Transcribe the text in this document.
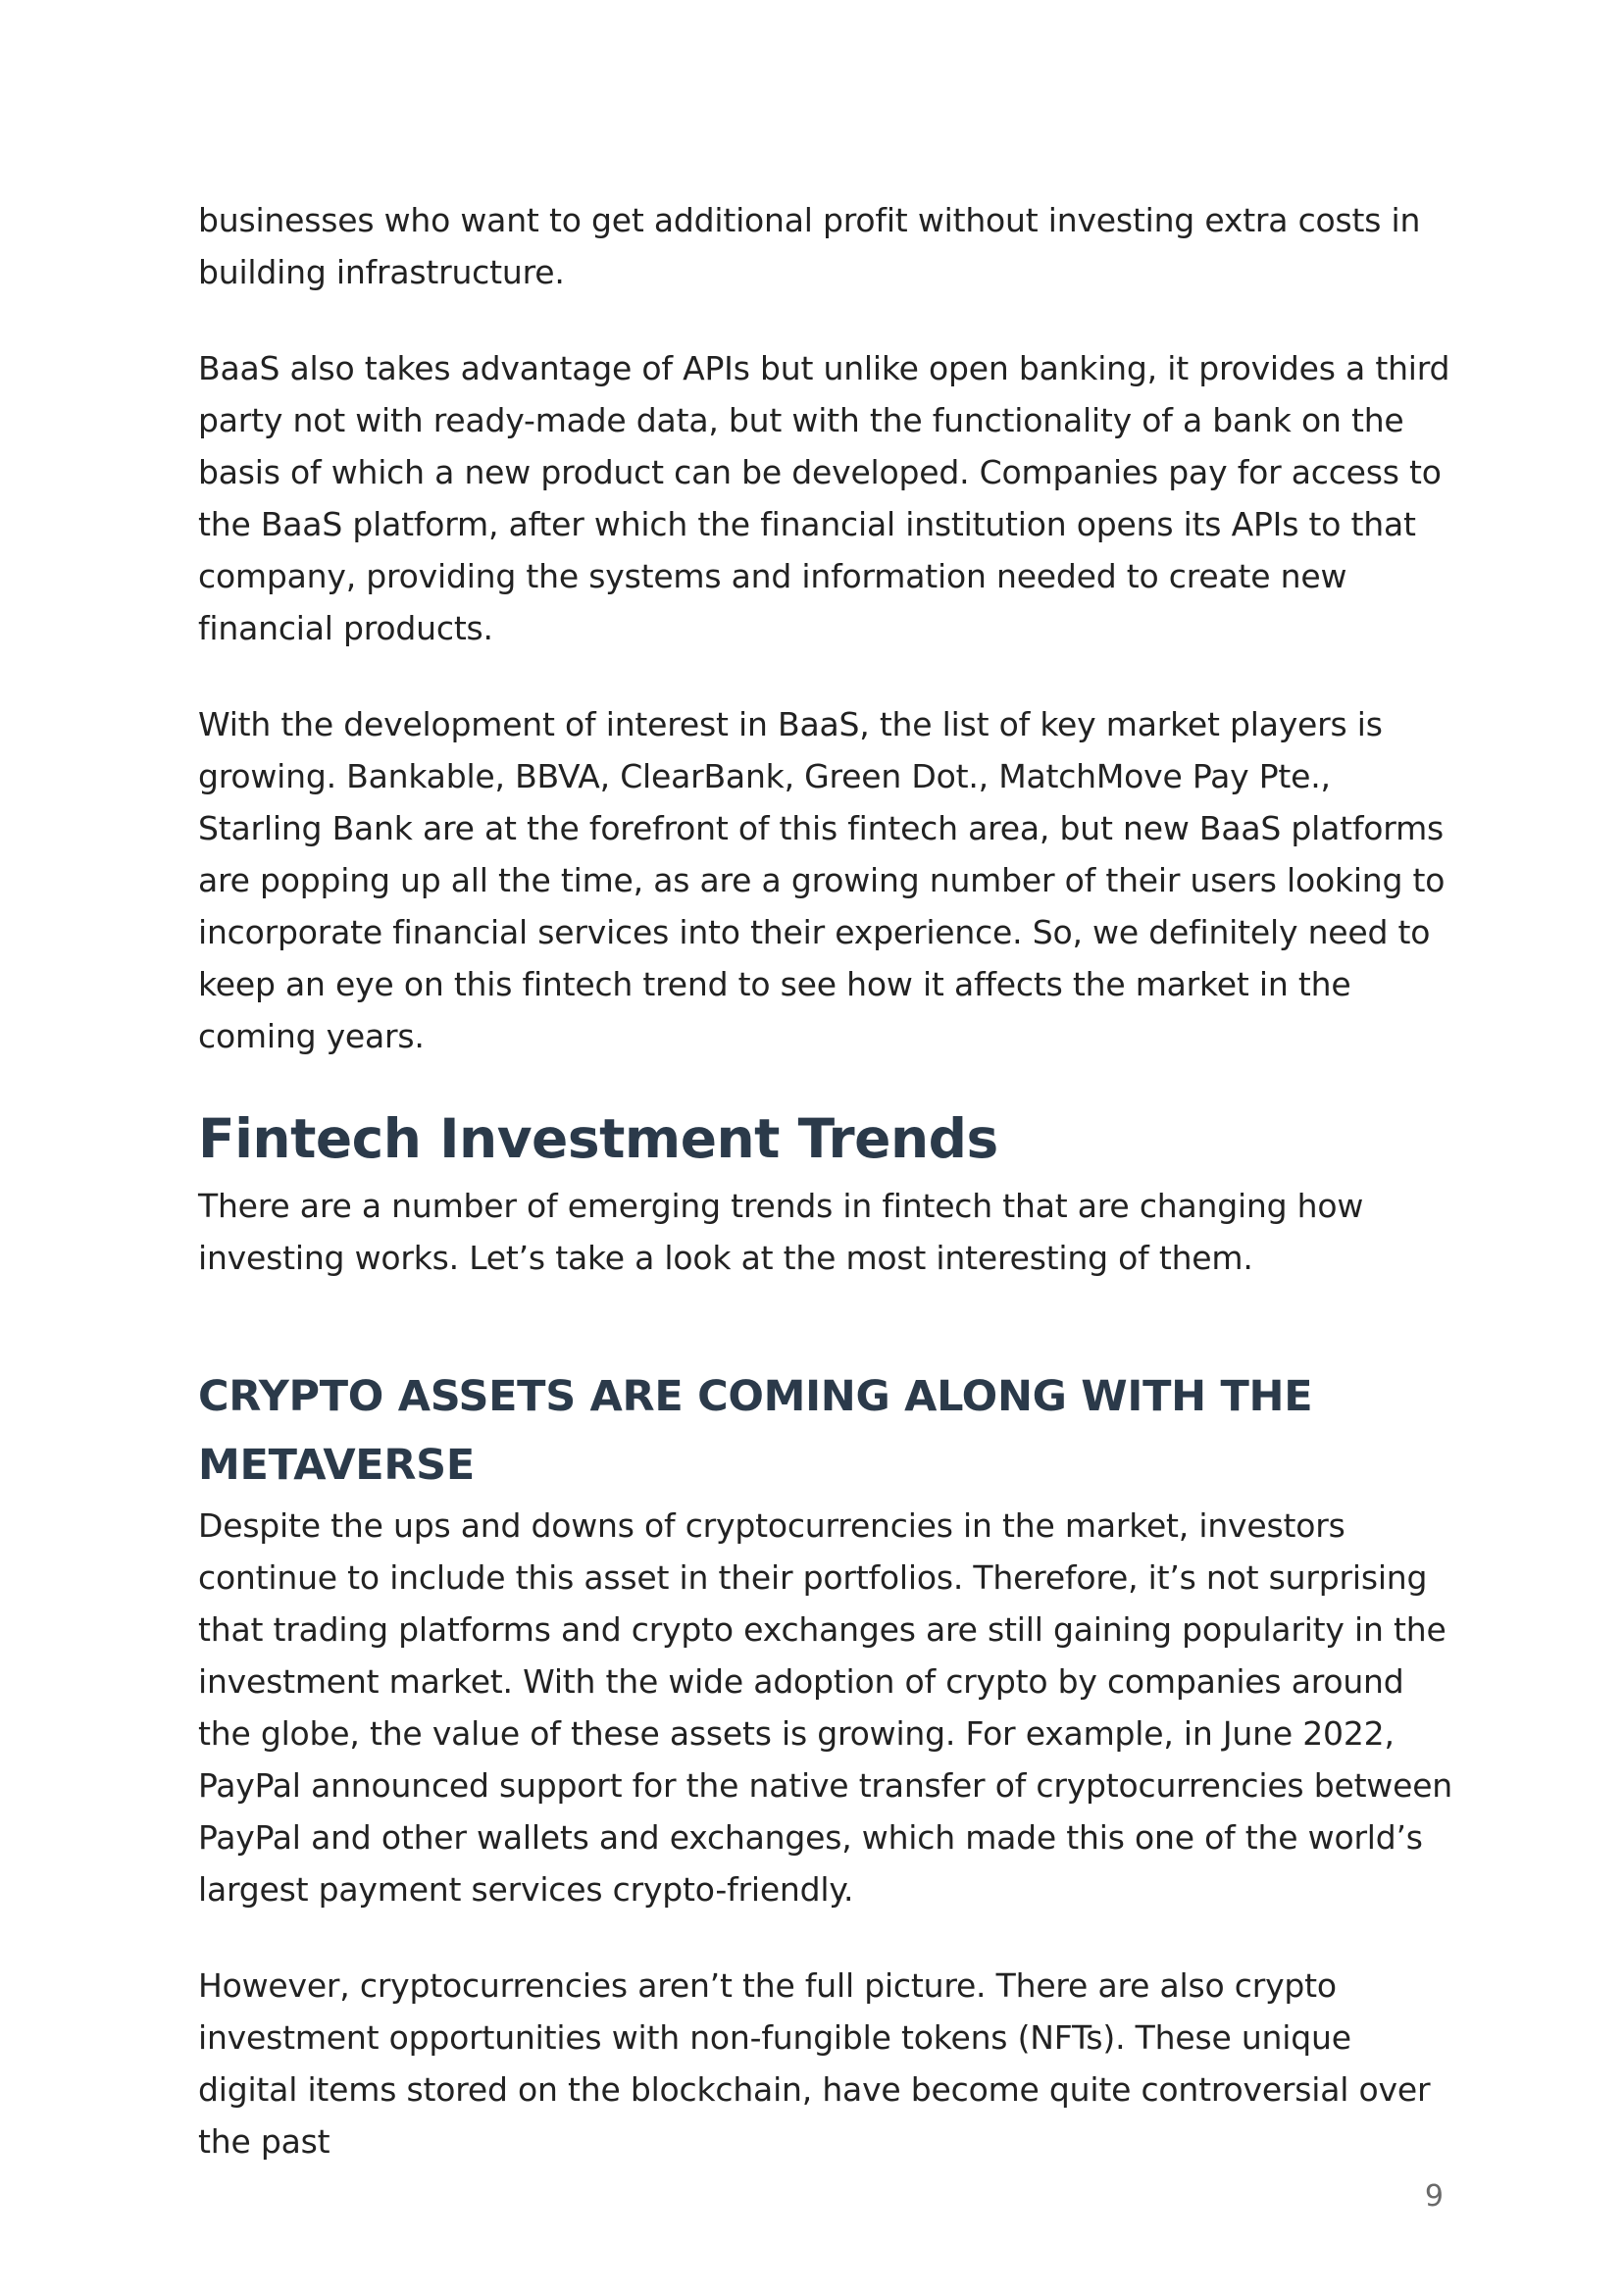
businesses who want to get additional profit without investing extra costs in building infrastructure.

BaaS also takes advantage of APIs but unlike open banking, it provides a third party not with ready-made data, but with the functionality of a bank on the basis of which a new product can be developed. Companies pay for access to the BaaS platform, after which the financial institution opens its APIs to that company, providing the systems and information needed to create new financial products.

With the development of interest in BaaS, the list of key market players is growing. Bankable, BBVA, ClearBank, Green Dot., MatchMove Pay Pte., Starling Bank are at the forefront of this fintech area, but new BaaS platforms are popping up all the time, as are a growing number of their users looking to incorporate financial services into their experience. So, we definitely need to keep an eye on this fintech trend to see how it affects the market in the coming years.

Fintech Investment Trends

There are a number of emerging trends in fintech that are changing how investing works. Let’s take a look at the most interesting of them.

CRYPTO ASSETS ARE COMING ALONG WITH THE METAVERSE

Despite the ups and downs of cryptocurrencies in the market, investors continue to include this asset in their portfolios. Therefore, it’s not surprising that trading platforms and crypto exchanges are still gaining popularity in the investment market. With the wide adoption of crypto by companies around the globe, the value of these assets is growing. For example, in June 2022, PayPal announced support for the native transfer of cryptocurrencies between PayPal and other wallets and exchanges, which made this one of the world’s largest payment services crypto-friendly.

However, cryptocurrencies aren’t the full picture. There are also crypto investment opportunities with non-fungible tokens (NFTs). These unique digital items stored on the blockchain, have become quite controversial over the past

9
